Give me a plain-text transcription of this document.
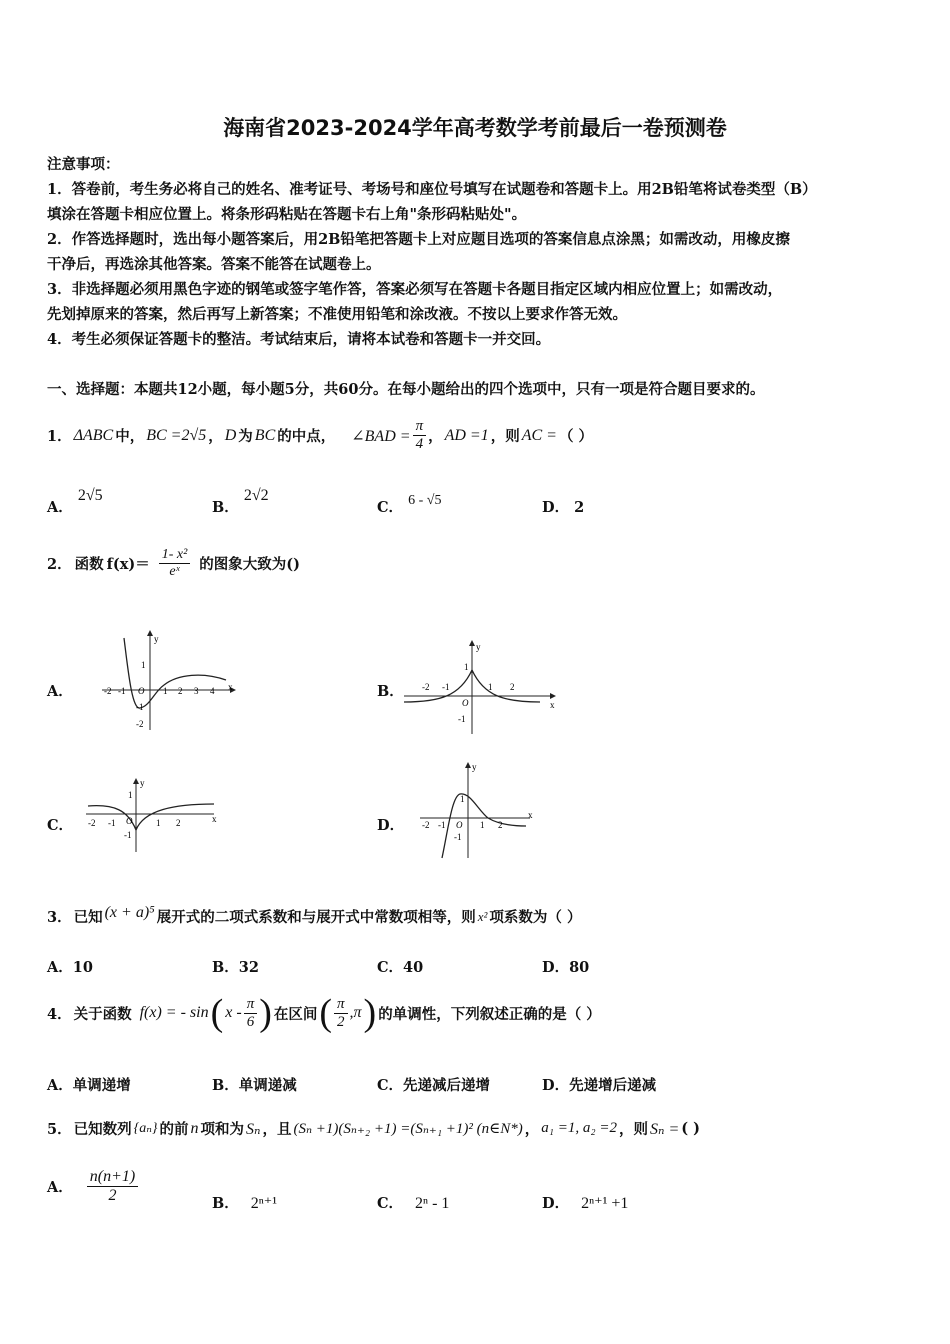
海南省2023-2024学年高考数学考前最后一卷预测卷
注意事项：
1．答卷前，考生务必将自己的姓名、准考证号、考场号和座位号填写在试题卷和答题卡上。用2B铅笔将试卷类型（B）
填涂在答题卡相应位置上。将条形码粘贴在答题卡右上角"条形码粘贴处"。
2．作答选择题时，选出每小题答案后，用2B铅笔把答题卡上对应题目选项的答案信息点涂黑；如需改动，用橡皮擦
干净后，再选涂其他答案。答案不能答在试题卷上。
3．非选择题必须用黑色字迹的钢笔或签字笔作答，答案必须写在答题卡各题目指定区域内相应位置上；如需改动，
先划掉原来的答案，然后再写上新答案；不准使用铅笔和涂改液。不按以上要求作答无效。
4．考生必须保证答题卡的整洁。考试结束后，请将本试卷和答题卡一并交回。
一、选择题：本题共12小题，每小题5分，共60分。在每小题给出的四个选项中，只有一项是符合题目要求的。
1． ΔABC 中， BC =2√5 ， D 为 BC 的中点， ∠BAD = $\frac{\pi}{4}$ ， AD =1 ，则 AC = （ ）
A． 2√5
B． 2√2
C． 6 - √5	D． 2
2． 函数 $f(x)= \frac{\text{1- x²}}{\text{eˣ}}$ 的图象大致为()
A．	B．
C．	D．
y
x
O
-2 -1	1 2 3 4
1
-1
-2
y
x
O
-2 -1	1 2
1
-1
y
x
O
-2 -1	1 2
1
-1
y
x
O
-2 -1	1 2
1
-1
3． 已知 (x + a)⁵ 展开式的二项式系数和与展开式中常数项相等，则 x² 项系数为（ ）
A．10	B．32	C．40	D．80
4． 关于函数 f(x) = - sin ( x - $\frac{\pi}{6}$ ) 在区间 ( $\frac{\pi}{2} ,\pi$ ) 的单调性，下列叙述正确的是（ ）
A．单调递增	B．单调递减	C．先递减后递增	D．先递增后递减
5． 已知数列 {aₙ} 的前 n 项和为 Sₙ ，且 (Sₙ +1)(Sₙ₊₂ +1) =(Sₙ₊₁ +1)² (n∈N*) ， a₁ =1, a₂ =2 ，则 Sₙ = ( )
A． $\frac{n(n+1)}{2}$	B． 2ⁿ⁺¹	C． 2ⁿ - 1	D． 2ⁿ⁺¹ +1
